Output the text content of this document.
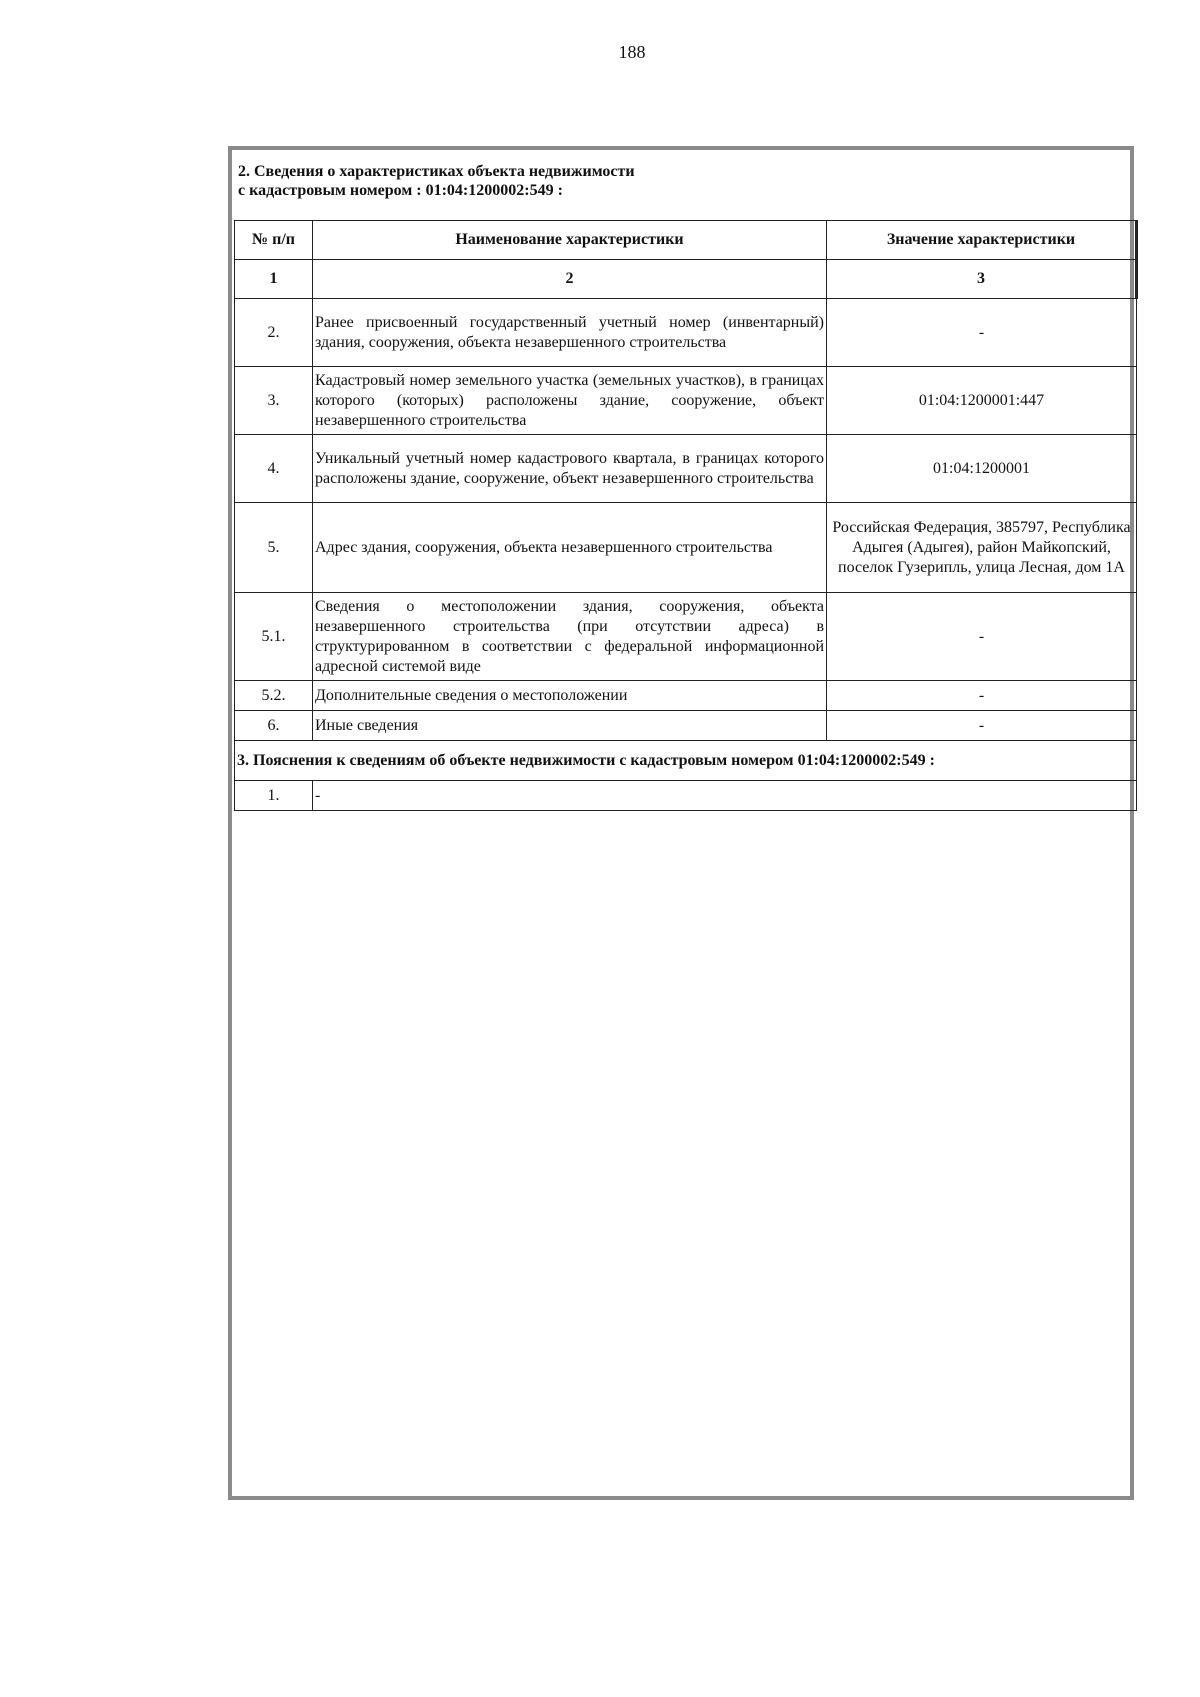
188
2. Сведения о характеристиках объекта недвижимости
с кадастровым номером : 01:04:1200002:549 :
№ п/п	Наименование характеристики	Значение характеристики
1	2	3
2.	Ранее присвоенный государственный учетный номер (инвентарный) здания, сооружения, объекта незавершенного строительства	-
3.	Кадастровый номер земельного участка (земельных участков), в границах которого (которых) расположены здание, сооружение, объект незавершенного строительства	01:04:1200001:447
4.	Уникальный учетный номер кадастрового квартала, в границах которого расположены здание, сооружение, объект незавершенного строительства	01:04:1200001
5.	Адрес здания, сооружения, объекта незавершенного строительства	Российская Федерация, 385797, Республика Адыгея (Адыгея), район Майкопский, поселок Гузерипль, улица Лесная, дом 1А
5.1.	Сведения о местоположении здания, сооружения, объекта незавершенного строительства (при отсутствии адреса) в структурированном в соответствии с федеральной информационной адресной системой виде	-
5.2.	Дополнительные сведения о местоположении	-
6.	Иные сведения	-
3. Пояснения к сведениям об объекте недвижимости с кадастровым номером 01:04:1200002:549 :		
1.	-	
